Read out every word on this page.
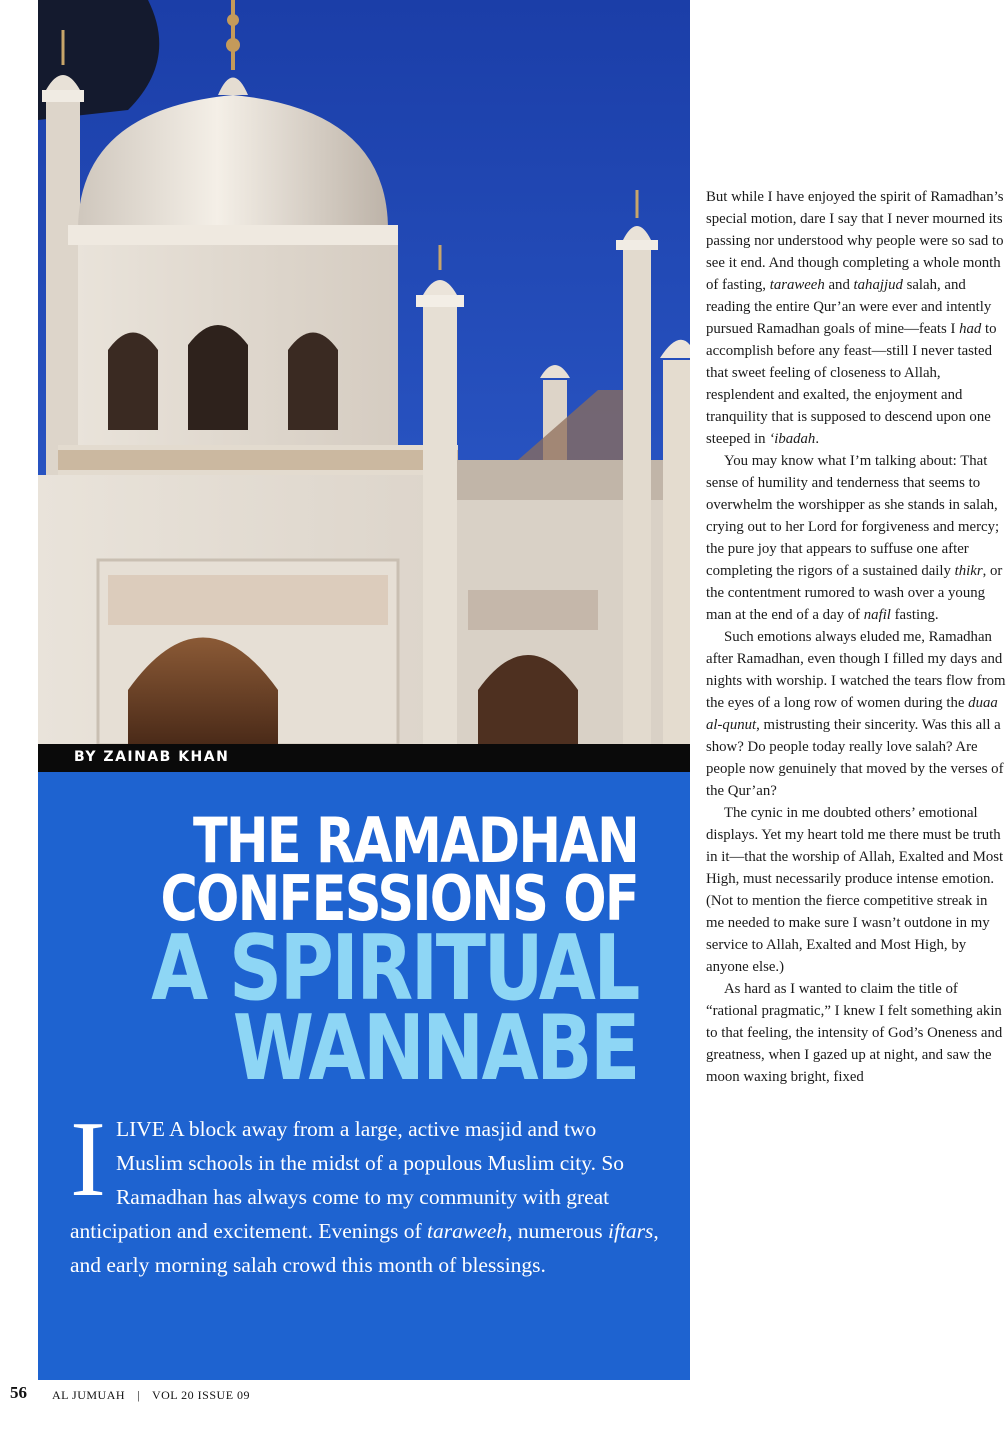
BY ZAINAB KHAN
THE RAMADHAN
CONFESSIONS OF
A SPIRITUAL
WANNABE
ILIVE A block away from a large, active masjid and two Muslim schools in the midst of a populous Muslim city. So Ramadhan has always come to my community with great anticipation and excitement. Evenings of taraweeh, numerous iftars, and early morning salah crowd this month of blessings.

But while I have enjoyed the spirit of Ramadhan’s special motion, dare I say that I never mourned its passing nor understood why people were so sad to see it end. And though completing a whole month of fasting, taraweeh and tahajjud salah, and reading the entire Qur’an were ever and intently pursued Ramadhan goals of mine—feats I had to accomplish before any feast—still I never tasted that sweet feeling of closeness to Allah, resplendent and exalted, the enjoyment and tranquility that is supposed to descend upon one steeped in ‘ibadah.

You may know what I’m talking about: That sense of humility and tenderness that seems to overwhelm the worshipper as she stands in salah, crying out to her Lord for forgiveness and mercy; the pure joy that appears to suffuse one after completing the rigors of a sustained daily thikr, or the contentment rumored to wash over a young man at the end of a day of nafil fasting.

Such emotions always eluded me, Ramadhan after Ramadhan, even though I filled my days and nights with worship. I watched the tears flow from the eyes of a long row of women during the duaa al-qunut, mistrusting their sincerity. Was this all a show? Do people today really love salah? Are people now genuinely that moved by the verses of the Qur’an?

The cynic in me doubted others’ emotional displays. Yet my heart told me there must be truth in it—that the worship of Allah, Exalted and Most High, must necessarily produce intense emotion. (Not to mention the fierce competitive streak in me needed to make sure I wasn’t outdone in my service to Allah, Exalted and Most High, by anyone else.)

As hard as I wanted to claim the title of “rational pragmatic,” I knew I felt something akin to that feeling, the intensity of God’s Oneness and greatness, when I gazed up at night, and saw the moon waxing bright, fixed

56	AL JUMUAH | VOL 20 ISSUE 09
